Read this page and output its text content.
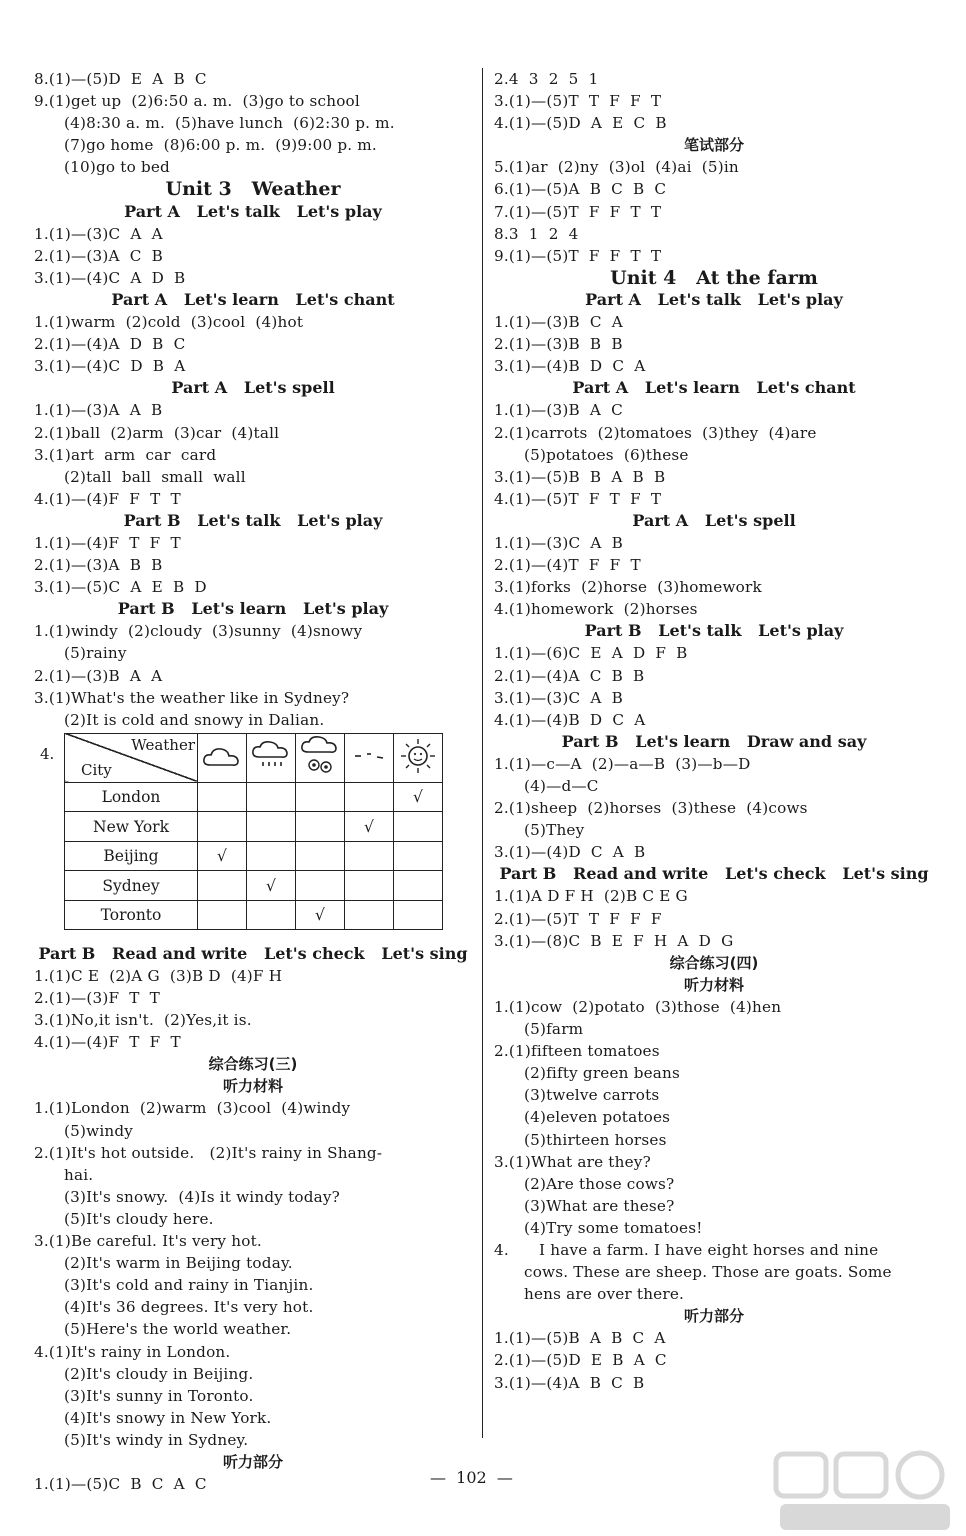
8.(1)—(5)D  E  A  B  C
9.(1)get up  (2)6:50 a. m.  (3)go to school
(4)8:30 a. m.  (5)have lunch  (6)2:30 p. m.
(7)go home  (8)6:00 p. m.  (9)9:00 p. m.
(10)go to bed
Unit 3   Weather
Part A   Let's talk   Let's play
1.(1)—(3)C  A  A
2.(1)—(3)A  C  B
3.(1)—(4)C  A  D  B
Part A   Let's learn   Let's chant
1.(1)warm  (2)cold  (3)cool  (4)hot
2.(1)—(4)A  D  B  C
3.(1)—(4)C  D  B  A
Part A   Let's spell
1.(1)—(3)A  A  B
2.(1)ball  (2)arm  (3)car  (4)tall
3.(1)art  arm  car  card
(2)tall  ball  small  wall
4.(1)—(4)F  F  T  T
Part B   Let's talk   Let's play
1.(1)—(4)F  T  F  T
2.(1)—(3)A  B  B
3.(1)—(5)C  A  E  B  D
Part B   Let's learn   Let's play
1.(1)windy  (2)cloudy  (3)sunny  (4)snowy
(5)rainy
2.(1)—(3)B  A  A
3.(1)What's the weather like in Sydney?
(2)It is cold and snowy in Dalian.
4.	Weather
City

London					√
New York				√	
Beijing	√				
Sydney		√			
Toronto			√		
Part B   Read and write   Let's check   Let's sing
1.(1)C E  (2)A G  (3)B D  (4)F H
2.(1)—(3)F  T  T
3.(1)No,it isn't.  (2)Yes,it is.
4.(1)—(4)F  T  F  T
综合练习(三)
听力材料
1.(1)London  (2)warm  (3)cool  (4)windy
(5)windy
2.(1)It's hot outside.   (2)It's rainy in Shang-
hai.
(3)It's snowy.  (4)Is it windy today?
(5)It's cloudy here.
3.(1)Be careful. It's very hot.
(2)It's warm in Beijing today.
(3)It's cold and rainy in Tianjin.
(4)It's 36 degrees. It's very hot.
(5)Here's the world weather.
4.(1)It's rainy in London.
(2)It's cloudy in Beijing.
(3)It's sunny in Toronto.
(4)It's snowy in New York.
(5)It's windy in Sydney.
听力部分
1.(1)—(5)C  B  C  A  C
2.4  3  2  5  1
3.(1)—(5)T  T  F  F  T
4.(1)—(5)D  A  E  C  B
笔试部分
5.(1)ar  (2)ny  (3)ol  (4)ai  (5)in
6.(1)—(5)A  B  C  B  C
7.(1)—(5)T  F  F  T  T
8.3  1  2  4
9.(1)—(5)T  F  F  T  T
Unit 4   At the farm
Part A   Let's talk   Let's play
1.(1)—(3)B  C  A
2.(1)—(3)B  B  B
3.(1)—(4)B  D  C  A
Part A   Let's learn   Let's chant
1.(1)—(3)B  A  C
2.(1)carrots  (2)tomatoes  (3)they  (4)are
(5)potatoes  (6)these
3.(1)—(5)B  B  A  B  B
4.(1)—(5)T  F  T  F  T
Part A   Let's spell
1.(1)—(3)C  A  B
2.(1)—(4)T  F  F  T
3.(1)forks  (2)horse  (3)homework
4.(1)homework  (2)horses
Part B   Let's talk   Let's play
1.(1)—(6)C  E  A  D  F  B
2.(1)—(4)A  C  B  B
3.(1)—(3)C  A  B
4.(1)—(4)B  D  C  A
Part B   Let's learn   Draw and say
1.(1)—c—A  (2)—a—B  (3)—b—D
(4)—d—C
2.(1)sheep  (2)horses  (3)these  (4)cows
(5)They
3.(1)—(4)D  C  A  B
Part B   Read and write   Let's check   Let's sing
1.(1)A D F H  (2)B C E G
2.(1)—(5)T  T  F  F  F
3.(1)—(8)C  B  E  F  H  A  D  G
综合练习(四)
听力材料
1.(1)cow  (2)potato  (3)those  (4)hen
(5)farm
2.(1)fifteen tomatoes
(2)fifty green beans
(3)twelve carrots
(4)eleven potatoes
(5)thirteen horses
3.(1)What are they?
(2)Are those cows?
(3)What are these?
(4)Try some tomatoes!
4.      I have a farm. I have eight horses and nine
cows. These are sheep. Those are goats. Some
hens are over there.
听力部分
1.(1)—(5)B  A  B  C  A
2.(1)—(5)D  E  B  A  C
3.(1)—(4)A  B  C  B
—  102  —
